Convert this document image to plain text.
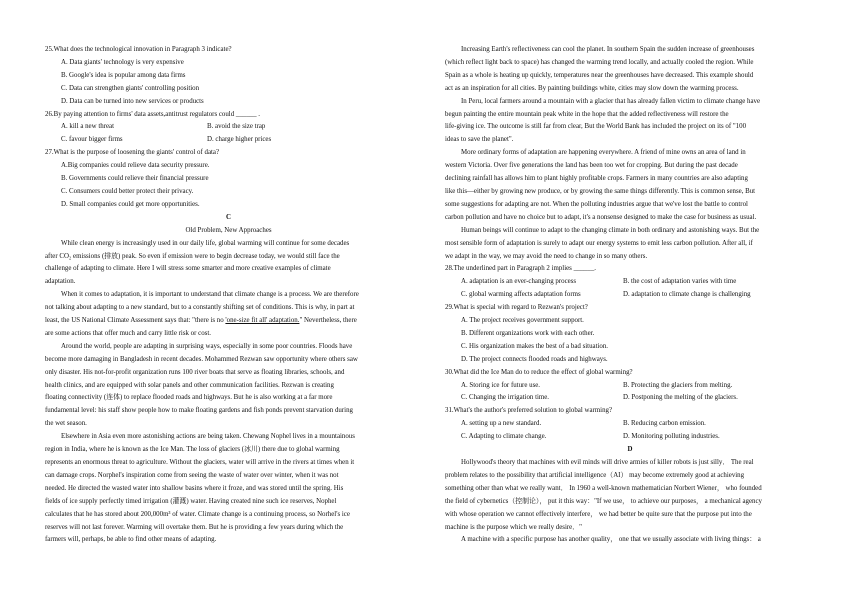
25.What does the technological innovation in Paragraph 3 indicate?
A. Data giants' technology is very expensive
B. Google's idea is popular among data firms
C. Data can strengthen giants' controlling position
D. Data can be turned into new services or products
26.By paying attention to firms' data assets,antitrust regulators could ______ .
A. kill a new threat	B. avoid the size trap
C. favour bigger firms	D. charge higher prices
27.What is the purpose of loosening the giants' control of data?
A.Big companies could relieve data security pressure.
B. Governments could relieve their financial pressure
C. Consumers could better protect their privacy.
D. Small companies could get more opportunities.
C
Old Problem, New Approaches
While clean energy is increasingly used in our daily life, global warming will continue for some decades
after CO₂ emissions (排放) peak. So even if emission were to begin decrease today, we would still face the
challenge of adapting to climate. Here I will stress some smarter and more creative examples of climate
adaptation.
When it comes to adaptation, it is important to understand that climate change is a process. We are therefore
not talking about adapting to a new standard, but to a constantly shifting set of conditions. This is why, in part at
least, the US National Climate Assessment says that: "there is no 'one-size fit all' adaptation." Nevertheless, there
are some actions that offer much and carry little risk or cost.
Around the world, people are adapting in surprising ways, especially in some poor countries. Floods have
become more damaging in Bangladesh in recent decades. Mohammed Rezwan saw opportunity where others saw
only disaster. His not-for-profit organization runs 100 river boats that serve as floating libraries, schools, and
health clinics, and are equipped with solar panels and other communication facilities. Rezwan is creating
floating connectivity (连体) to replace flooded roads and highways. But he is also working at a far more
fundamental level: his staff show people how to make floating gardens and fish ponds prevent starvation during
the wet season.
Elsewhere in Asia even more astonishing actions are being taken. Chewang Nophel lives in a mountainous
region in India, where he is known as the Ice Man. The loss of glaciers (冰川) there due to global warming
represents an enormous threat to agriculture. Without the glaciers, water will arrive in the rivers at times when it
can damage crops. Norphel's inspiration come from seeing the waste of water over winter, when it was not
needed. He directed the wasted water into shallow basins where it froze, and was stored until the spring. His
fields of ice supply perfectly timed irrigation (灌溉) water. Having created nine such ice reserves, Nophel
calculates that he has stored about 200,000m³ of water. Climate change is a continuing process, so Norhel's ice
reserves will not last forever. Warming will overtake them. But he is providing a few years during which the
farmers will, perhaps, be able to find other means of adapting.
Increasing Earth's reflectiveness can cool the planet. In southern Spain the sudden increase of greenhouses
(which reflect light back to space) has changed the warming trend locally, and actually cooled the region. While
Spain as a whole is heating up quickly, temperatures near the greenhouses have decreased. This example should
act as an inspiration for all cities. By painting buildings white, cities may slow down the warming process.
In Peru, local farmers around a mountain with a glacier that has already fallen victim to climate change have
begun painting the entire mountain peak white in the hope that the added reflectiveness will restore the
life-giving ice. The outcome is still far from clear, But the World Bank has included the project on its of "100
ideas to save the planet".
More ordinary forms of adaptation are happening everywhere. A friend of mine owns an area of land in
western Victoria. Over five generations the land has been too wet for cropping. But during the past decade
declining rainfall has allows him to plant highly profitable crops. Farmers in many countries are also adapting
like this—either by growing new produce, or by growing the same things differently. This is common sense, But
some suggestions for adapting are not. When the polluting industries argue that we've lost the battle to control
carbon pollution and have no choice but to adapt, it's a nonsense designed to make the case for business as usual.
Human beings will continue to adapt to the changing climate in both ordinary and astonishing ways. But the
most sensible form of adaptation is surely to adapt our energy systems to emit less carbon pollution. After all, if
we adapt in the way, we may avoid the need to change in so many others.
28.The underlined part in Paragraph 2 implies ______.
A. adaptation is an ever-changing process	B. the cost of adaptation varies with time
C. global warming affects adaptation forms	D. adaptation to climate change is challenging
29.What is special with regard to Rezwan's project?
A. The project receives government support.
B. Different organizations work with each other.
C. His organization makes the best of a bad situation.
D. The project connects flooded roads and highways.
30.What did the Ice Man do to reduce the effect of global warming?
A. Storing ice for future use.	B. Protecting the glaciers from melting.
C. Changing the irrigation time.	D. Postponing the melting of the glaciers.
31.What's the author's preferred solution to global warming?
A. setting up a new standard.	B. Reducing carbon emission.
C. Adapting to climate change.	D. Monitoring polluting industries.
D
Hollywood's theory that machines with evil minds will drive armies of killer robots is just silly． The real
problem relates to the possibility that artificial intelligence（AI） may become extremely good at achieving
something other than what we really want． In 1960 a well-known mathematician Norbert Wiener， who founded
the field of cybernetics（控制论）， put it this way："If we use， to achieve our purposes， a mechanical agency
with whose operation we cannot effectively interfere， we had better be quite sure that the purpose put into the
machine is the purpose which we really desire．"
A machine with a specific purpose has another quality， one that we usually associate with living things： a
